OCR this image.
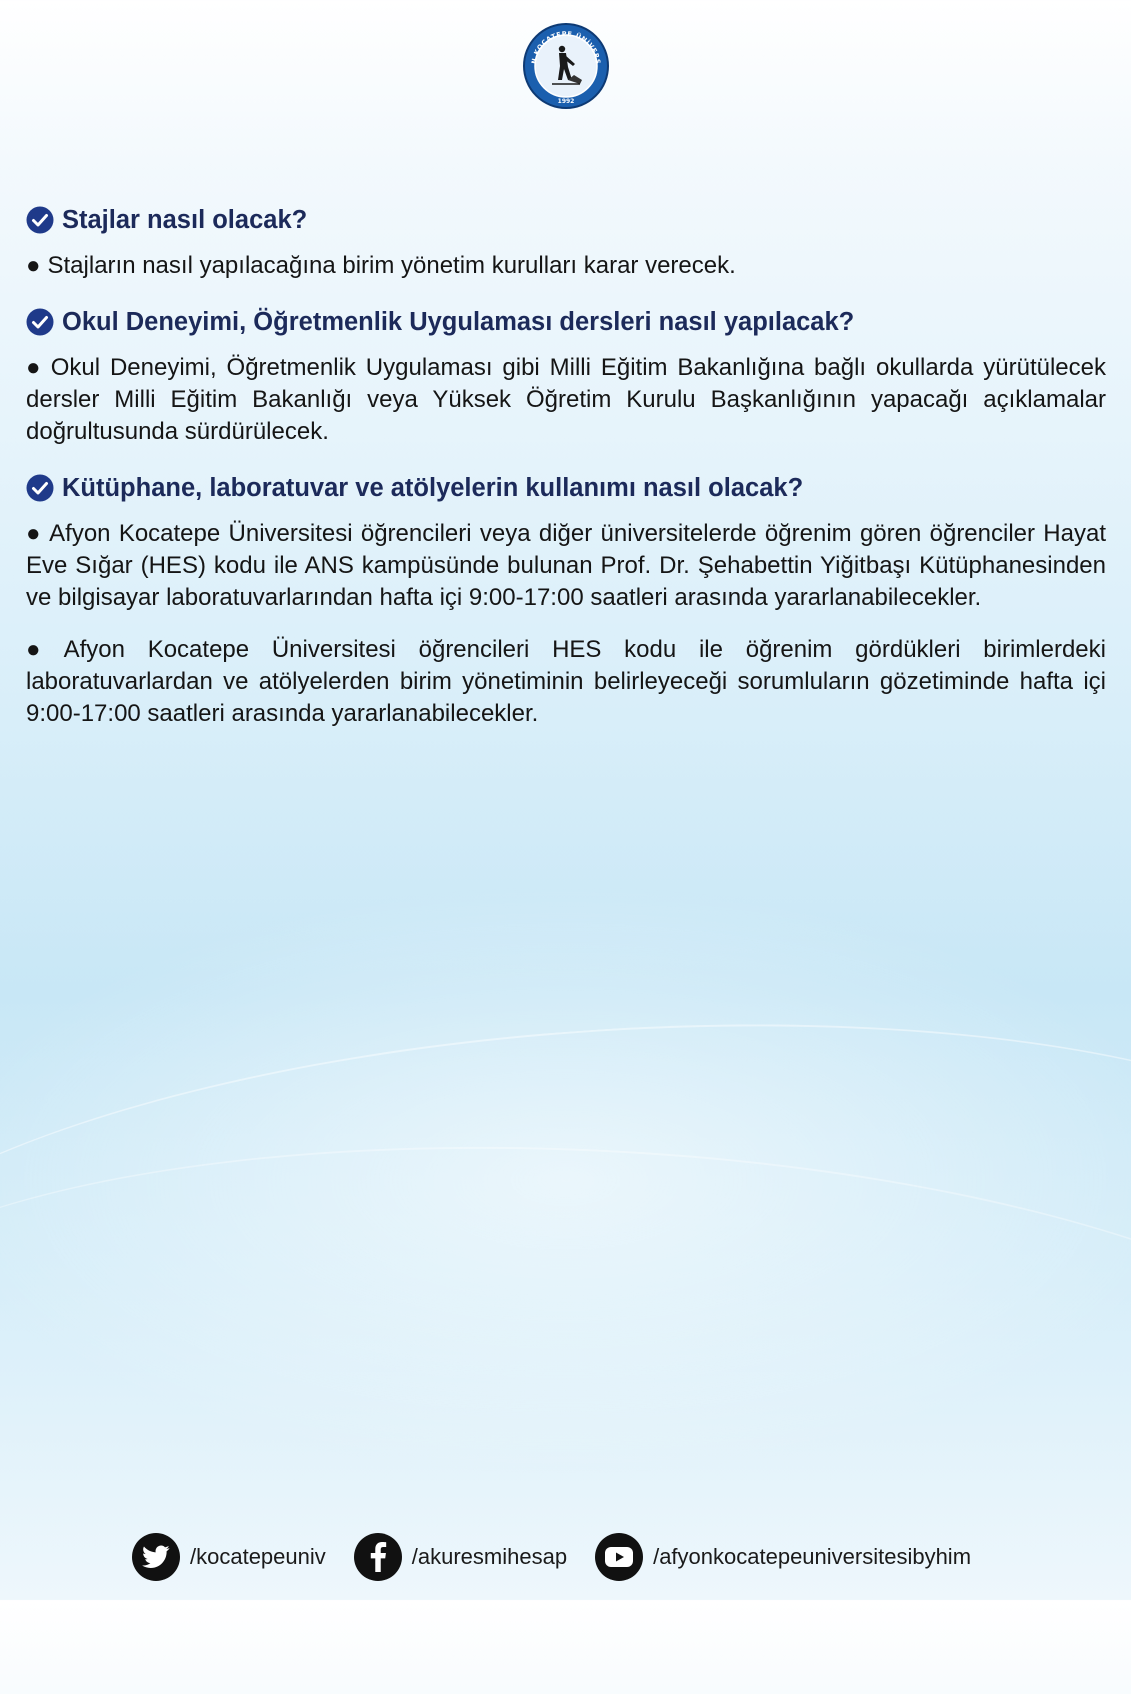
N KOCATEPE ÜNİVERS
1992
Stajlar nasıl olacak?

● Stajların nasıl yapılacağına birim yönetim kurulları karar verecek.

Okul Deneyimi, Öğretmenlik Uygulaması dersleri nasıl yapılacak?

● Okul Deneyimi, Öğretmenlik Uygulaması gibi Milli Eğitim Bakanlığına bağlı okullarda yürütülecek dersler Milli Eğitim Bakanlığı veya Yüksek Öğretim Kurulu Başkanlığının yapacağı açıklamalar doğrultusunda sürdürülecek.

Kütüphane, laboratuvar ve atölyelerin kullanımı nasıl olacak?

● Afyon Kocatepe Üniversitesi öğrencileri veya diğer üniversitelerde öğrenim gören öğrenciler Hayat Eve Sığar (HES) kodu ile ANS kampüsünde bulunan Prof. Dr. Şehabettin Yiğitbaşı Kütüphanesinden ve bilgisayar laboratuvarlarından hafta içi 9:00-17:00 saatleri arasında yararlanabilecekler.

● Afyon Kocatepe Üniversitesi öğrencileri HES kodu ile öğrenim gördükleri birimlerdeki laboratuvarlardan ve atölyelerden birim yönetiminin belirleyeceği sorumluların gözetiminde hafta içi 9:00-17:00 saatleri arasında yararlanabilecekler.

/kocatepeuniv	/akuresmihesap	/afyonkocatepeuniversitesibyhim
